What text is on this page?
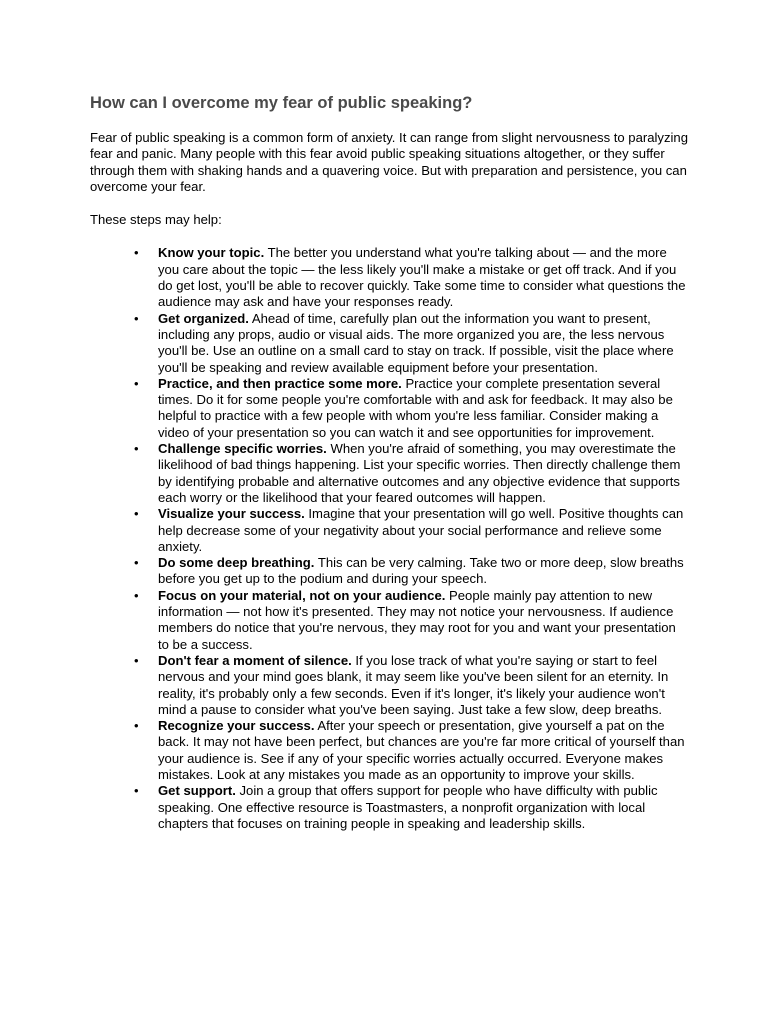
How can I overcome my fear of public speaking?

Fear of public speaking is a common form of anxiety. It can range from slight nervousness to paralyzing fear and panic. Many people with this fear avoid public speaking situations altogether, or they suffer through them with shaking hands and a quavering voice. But with preparation and persistence, you can overcome your fear.

These steps may help:

• Know your topic. The better you understand what you're talking about — and the more you care about the topic — the less likely you'll make a mistake or get off track. And if you do get lost, you'll be able to recover quickly. Take some time to consider what questions the audience may ask and have your responses ready.
• Get organized. Ahead of time, carefully plan out the information you want to present, including any props, audio or visual aids. The more organized you are, the less nervous you'll be. Use an outline on a small card to stay on track. If possible, visit the place where you'll be speaking and review available equipment before your presentation.
• Practice, and then practice some more. Practice your complete presentation several times. Do it for some people you're comfortable with and ask for feedback. It may also be helpful to practice with a few people with whom you're less familiar. Consider making a video of your presentation so you can watch it and see opportunities for improvement.
• Challenge specific worries. When you're afraid of something, you may overestimate the likelihood of bad things happening. List your specific worries. Then directly challenge them by identifying probable and alternative outcomes and any objective evidence that supports each worry or the likelihood that your feared outcomes will happen.
• Visualize your success. Imagine that your presentation will go well. Positive thoughts can help decrease some of your negativity about your social performance and relieve some anxiety.
• Do some deep breathing. This can be very calming. Take two or more deep, slow breaths before you get up to the podium and during your speech.
• Focus on your material, not on your audience. People mainly pay attention to new information — not how it's presented. They may not notice your nervousness. If audience members do notice that you're nervous, they may root for you and want your presentation to be a success.
• Don't fear a moment of silence. If you lose track of what you're saying or start to feel nervous and your mind goes blank, it may seem like you've been silent for an eternity. In reality, it's probably only a few seconds. Even if it's longer, it's likely your audience won't mind a pause to consider what you've been saying. Just take a few slow, deep breaths.
• Recognize your success. After your speech or presentation, give yourself a pat on the back. It may not have been perfect, but chances are you're far more critical of yourself than your audience is. See if any of your specific worries actually occurred. Everyone makes mistakes. Look at any mistakes you made as an opportunity to improve your skills.
• Get support. Join a group that offers support for people who have difficulty with public speaking. One effective resource is Toastmasters, a nonprofit organization with local chapters that focuses on training people in speaking and leadership skills.
